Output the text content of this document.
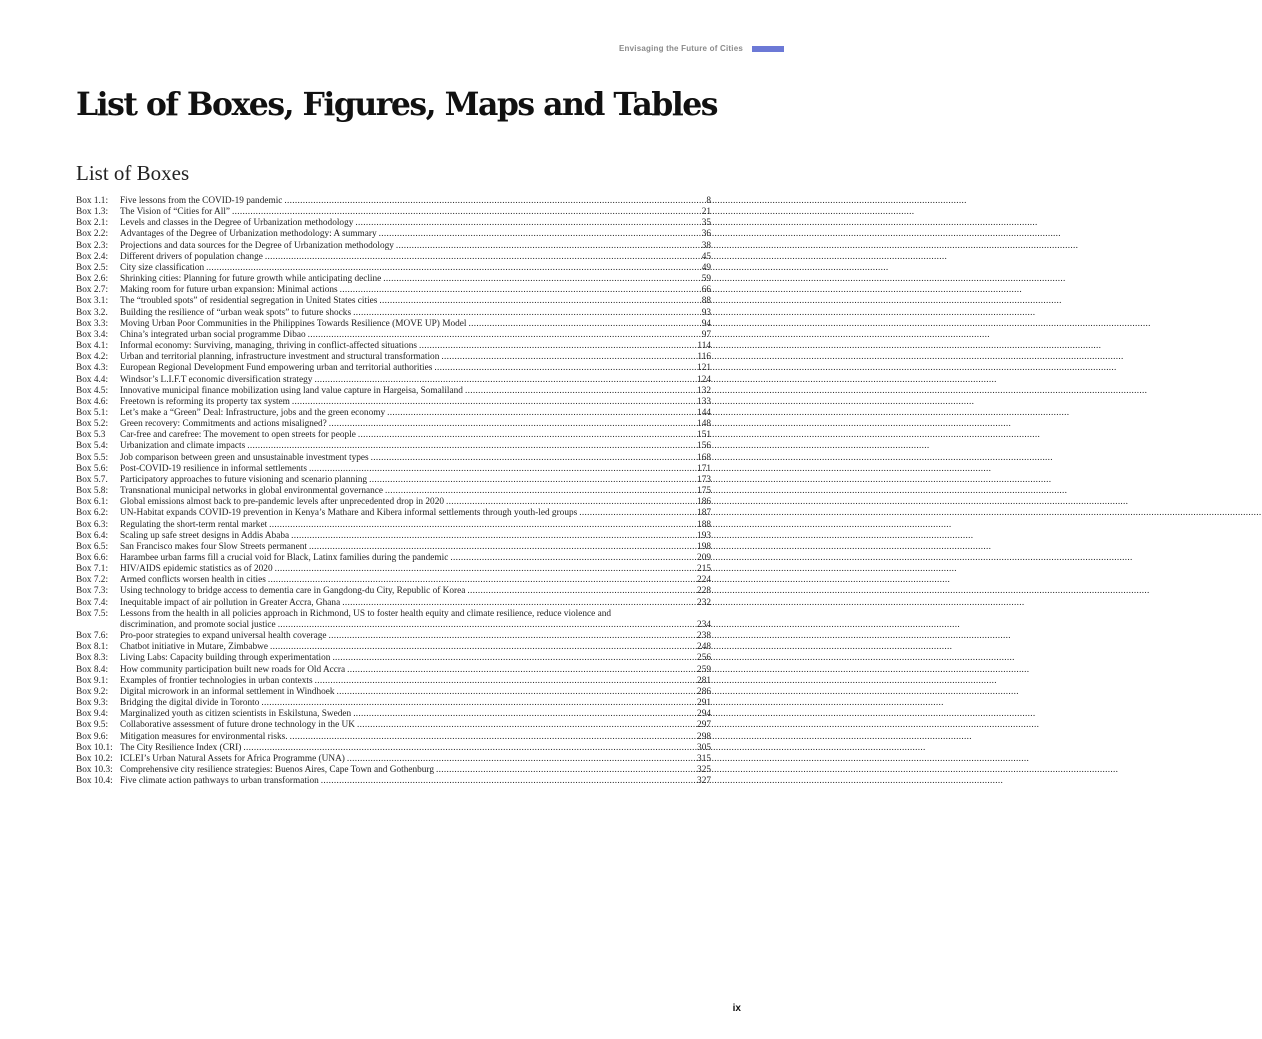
Envisaging the Future of Cities
List of Boxes, Figures, Maps and Tables
List of Boxes
Box 1.1:	Five lessons from the COVID-19 pandemic .....	8
Box 1.3:	The Vision of “Cities for All” .....	21
Box 2.1:	Levels and classes in the Degree of Urbanization methodology .....	35
Box 2.2:	Advantages of the Degree of Urbanization methodology: A summary .....	36
Box 2.3:	Projections and data sources for the Degree of Urbanization methodology .....	38
Box 2.4:	Different drivers of population change .....	45
Box 2.5:	City size classification .....	49
Box 2.6:	Shrinking cities: Planning for future growth while anticipating decline .....	59
Box 2.7:	Making room for future urban expansion: Minimal actions .....	66
Box 3.1:	The “troubled spots” of residential segregation in United States cities .....	88
Box 3.2.	Building the resilience of “urban weak spots” to future shocks .....	93
Box 3.3:	Moving Urban Poor Communities in the Philippines Towards Resilience (MOVE UP) Model .....	94
Box 3.4:	China’s integrated urban social programme Dibao .....	97
Box 4.1:	Informal economy: Surviving, managing, thriving in conflict-affected situations .....	114
Box 4.2:	Urban and territorial planning, infrastructure investment and structural transformation .....	116
Box 4.3:	European Regional Development Fund empowering urban and territorial authorities .....	121
Box 4.4:	Windsor’s L.I.F.T economic diversification strategy .....	124
Box 4.5:	Innovative municipal finance mobilization using land value capture in Hargeisa, Somaliland .....	132
Box 4.6:	Freetown is reforming its property tax system .....	133
Box 5.1:	Let’s make a “Green” Deal: Infrastructure, jobs and the green economy .....	144
Box 5.2:	Green recovery: Commitments and actions misaligned? .....	148
Box 5.3	Car-free and carefree: The movement to open streets for people .....	151
Box 5.4:	Urbanization and climate impacts .....	156
Box 5.5:	Job comparison between green and unsustainable investment types .....	168
Box 5.6:	Post-COVID-19 resilience in informal settlements .....	171
Box 5.7.	Participatory approaches to future visioning and scenario planning .....	173
Box 5.8:	Transnational municipal networks in global environmental governance .....	175
Box 6.1:	Global emissions almost back to pre-pandemic levels after unprecedented drop in 2020 .....	186
Box 6.2:	UN-Habitat expands COVID-19 prevention in Kenya’s Mathare and Kibera informal settlements through youth-led groups .....	187
Box 6.3:	Regulating the short-term rental market .....	188
Box 6.4:	Scaling up safe street designs in Addis Ababa .....	193
Box 6.5:	San Francisco makes four Slow Streets permanent .....	198
Box 6.6:	Harambee urban farms fill a crucial void for Black, Latinx families during the pandemic .....	209
Box 7.1:	HIV/AIDS epidemic statistics as of 2020 .....	215
Box 7.2:	Armed conflicts worsen health in cities .....	224
Box 7.3:	Using technology to bridge access to dementia care in Gangdong-du City, Republic of Korea .....	228
Box 7.4:	Inequitable impact of air pollution in Greater Accra, Ghana .....	232
Box 7.5:	Lessons from the health in all policies approach in Richmond, US to foster health equity and climate resilience, reduce violence and
discrimination, and promote social justice .....	234
Box 7.6:	Pro-poor strategies to expand universal health coverage .....	238
Box 8.1:	Chatbot initiative in Mutare, Zimbabwe .....	248
Box 8.3:	Living Labs: Capacity building through experimentation .....	256
Box 8.4:	How community participation built new roads for Old Accra .....	259
Box 9.1:	Examples of frontier technologies in urban contexts .....	281
Box 9.2:	Digital microwork in an informal settlement in Windhoek .....	286
Box 9.3:	Bridging the digital divide in Toronto .....	291
Box 9.4:	Marginalized youth as citizen scientists in Eskilstuna, Sweden .....	294
Box 9.5:	Collaborative assessment of future drone technology in the UK .....	297
Box 9.6:	Mitigation measures for environmental risks. .....	298
Box 10.1: The City Resilience Index (CRI) .....	305
Box 10.2: ICLEI’s Urban Natural Assets for Africa Programme (UNA) .....	315
Box 10.3: Comprehensive city resilience strategies: Buenos Aires, Cape Town and Gothenburg .....	325
Box 10.4: Five climate action pathways to urban transformation .....	327
ix
